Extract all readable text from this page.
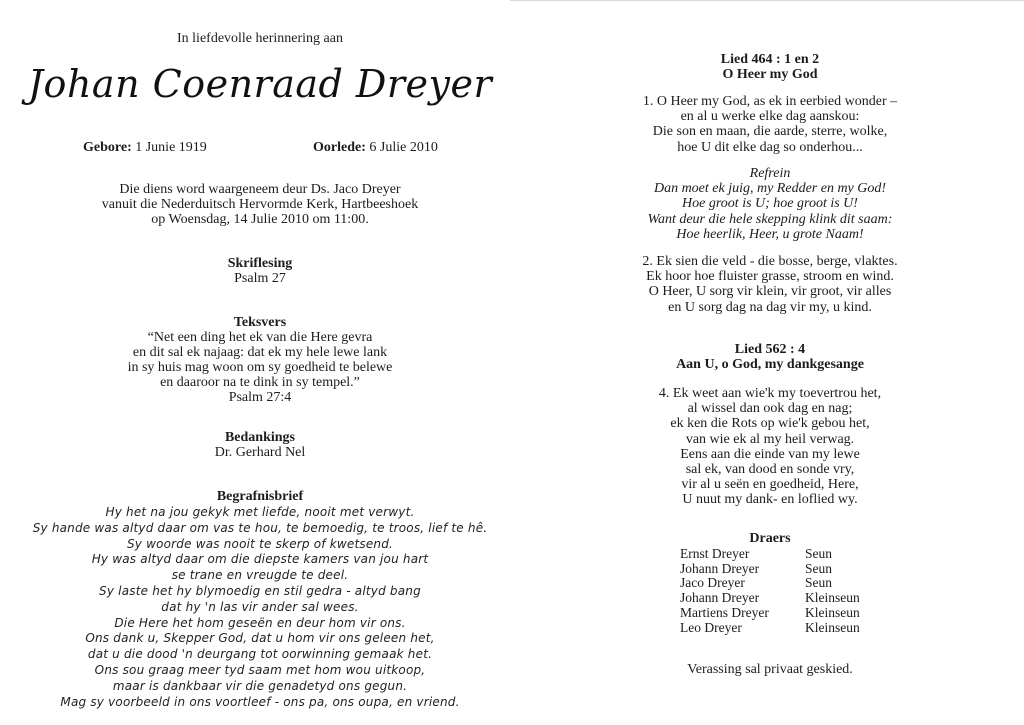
In liefdevolle herinnering aan
Johan Coenraad Dreyer
Gebore: 1 Junie 1919	Oorlede: 6 Julie 2010
Die diens word waargeneem deur Ds. Jaco Dreyer
vanuit die Nederduitsch Hervormde Kerk, Hartbeeshoek
op Woensdag, 14 Julie 2010 om 11:00.
Skriflesing
Psalm 27
Teksvers
“Net een ding het ek van die Here gevra
en dit sal ek najaag: dat ek my hele lewe lank
in sy huis mag woon om sy goedheid te belewe
en daaroor na te dink in sy tempel.”
Psalm 27:4
Bedankings
Dr. Gerhard Nel
Begrafnisbrief
Hy het na jou gekyk met liefde, nooit met verwyt.
Sy hande was altyd daar om vas te hou, te bemoedig, te troos, lief te hê.
Sy woorde was nooit te skerp of kwetsend.
Hy was altyd daar om die diepste kamers van jou hart
se trane en vreugde te deel.
Sy laste het hy blymoedig en stil gedra - altyd bang
dat hy 'n las vir ander sal wees.
Die Here het hom geseën en deur hom vir ons.
Ons dank u, Skepper God, dat u hom vir ons geleen het,
dat u die dood 'n deurgang tot oorwinning gemaak het.
Ons sou graag meer tyd saam met hom wou uitkoop,
maar is dankbaar vir die genadetyd ons gegun.
Mag sy voorbeeld in ons voortleef - ons pa, ons oupa, en vriend.
Lied 464 : 1 en 2
O Heer my God
1. O Heer my God, as ek in eerbied wonder –
en al u werke elke dag aanskou:
Die son en maan, die aarde, sterre, wolke,
hoe U dit elke dag so onderhou...
Refrein
Dan moet ek juig, my Redder en my God!
Hoe groot is U; hoe groot is U!
Want deur die hele skepping klink dit saam:
Hoe heerlik, Heer, u grote Naam!
2. Ek sien die veld - die bosse, berge, vlaktes.
Ek hoor hoe fluister grasse, stroom en wind.
O Heer, U sorg vir klein, vir groot, vir alles
en U sorg dag na dag vir my, u kind.
Lied 562 : 4
Aan U, o God, my dankgesange
4. Ek weet aan wie'k my toevertrou het,
al wissel dan ook dag en nag;
ek ken die Rots op wie'k gebou het,
van wie ek al my heil verwag.
Eens aan die einde van my lewe
sal ek, van dood en sonde vry,
vir al u seën en goedheid, Here,
U nuut my dank- en loflied wy.
Draers
Ernst Dreyer	Seun
Johann Dreyer	Seun
Jaco Dreyer	Seun
Johann Dreyer	Kleinseun
Martiens Dreyer	Kleinseun
Leo Dreyer	Kleinseun
Verassing sal privaat geskied.
